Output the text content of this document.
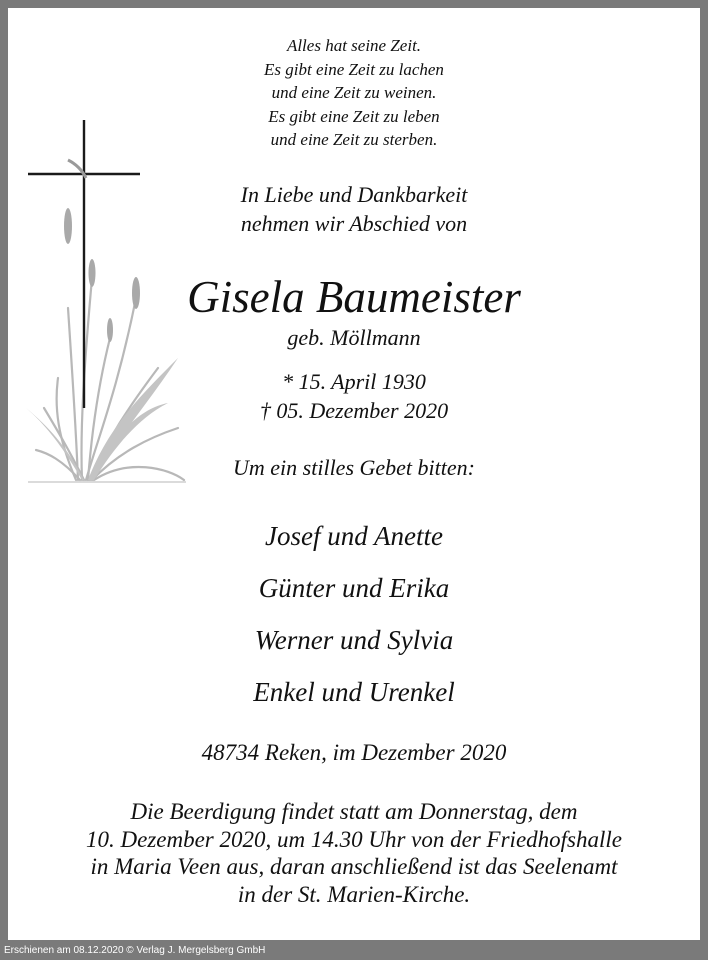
Alles hat seine Zeit.
Es gibt eine Zeit zu lachen
und eine Zeit zu weinen.
Es gibt eine Zeit zu leben
und eine Zeit zu sterben.
In Liebe und Dankbarkeit
nehmen wir Abschied von

Gisela Baumeister

geb. Möllmann

* 15. April 1930
† 05. Dezember 2020

Um ein stilles Gebet bitten:

Josef und Anette
Günter und Erika
Werner und Sylvia
Enkel und Urenkel

48734 Reken, im Dezember 2020

Die Beerdigung findet statt am Donnerstag, dem
10. Dezember 2020, um 14.30 Uhr von der Friedhofshalle
in Maria Veen aus, daran anschließend ist das Seelenamt
in der St. Marien-Kirche.

Erschienen am 08.12.2020 © Verlag J. Mergelsberg GmbH
